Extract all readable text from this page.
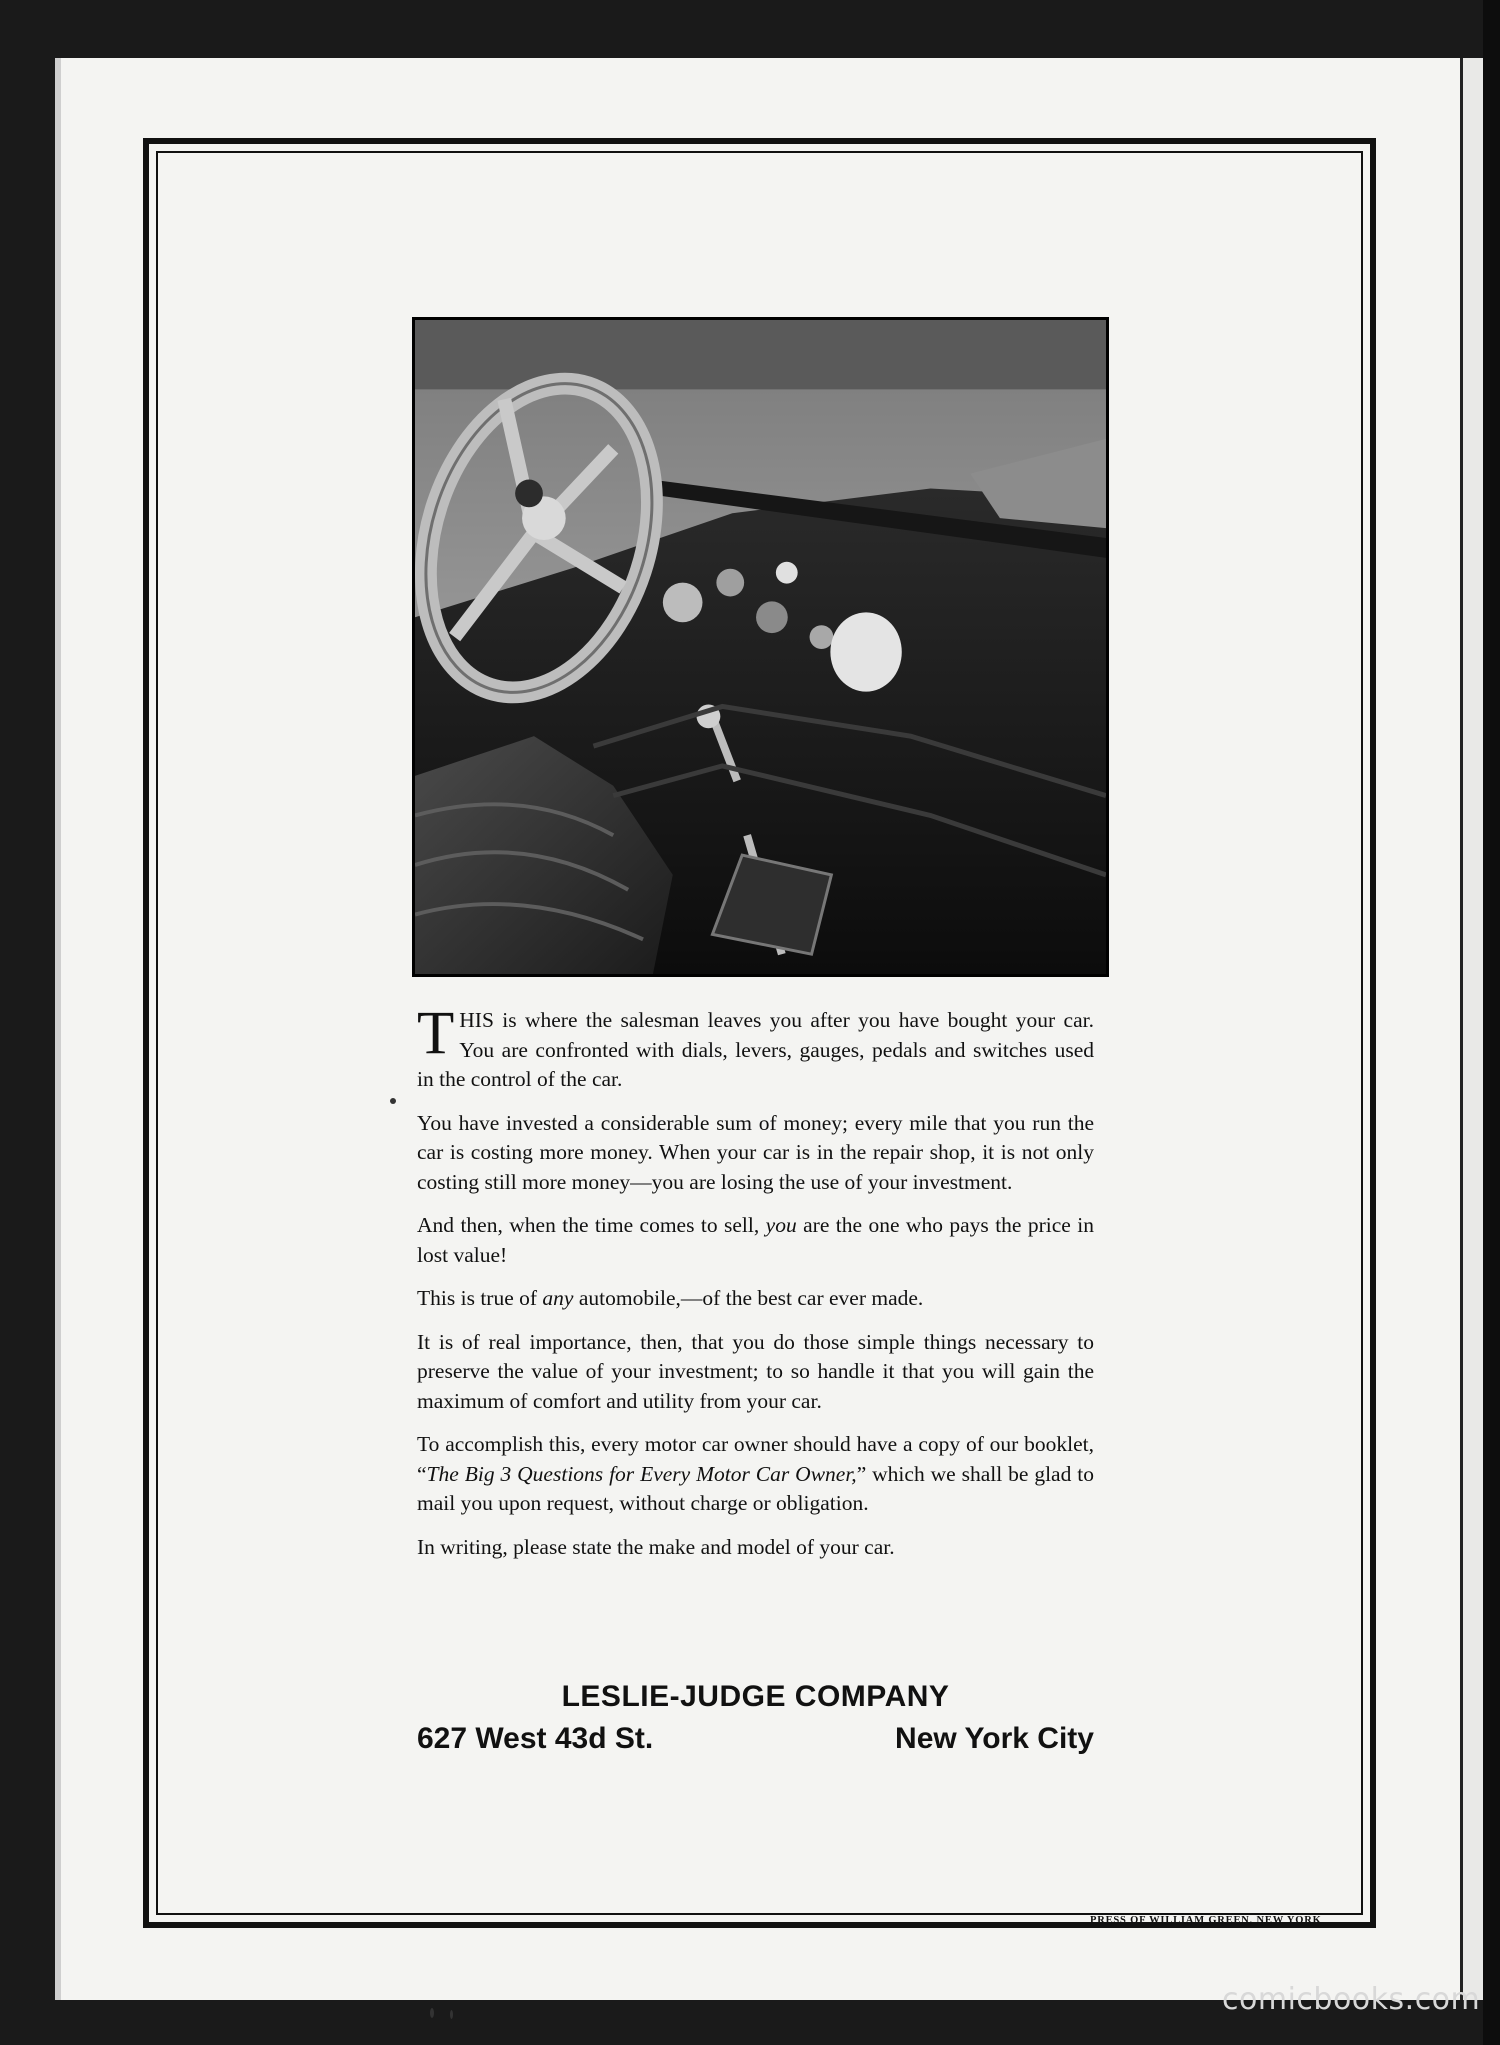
THIS is where the salesman leaves you after you have bought your car. You are confronted with dials, levers, gauges, pedals and switches used in the control of the car.

You have invested a considerable sum of money; every mile that you run the car is costing more money. When your car is in the repair shop, it is not only costing still more money—you are losing the use of your investment.

And then, when the time comes to sell, you are the one who pays the price in lost value!

This is true of any automobile,—of the best car ever made.

It is of real importance, then, that you do those simple things necessary to preserve the value of your investment; to so handle it that you will gain the maximum of comfort and utility from your car.

To accomplish this, every motor car owner should have a copy of our booklet, “The Big 3 Questions for Every Motor Car Owner,” which we shall be glad to mail you upon request, without charge or obligation.

In writing, please state the make and model of your car.

LESLIE-JUDGE COMPANY
627 West 43d St.	New York City
PRESS OF WILLIAM GREEN, NEW YORK
comicbooks.com
